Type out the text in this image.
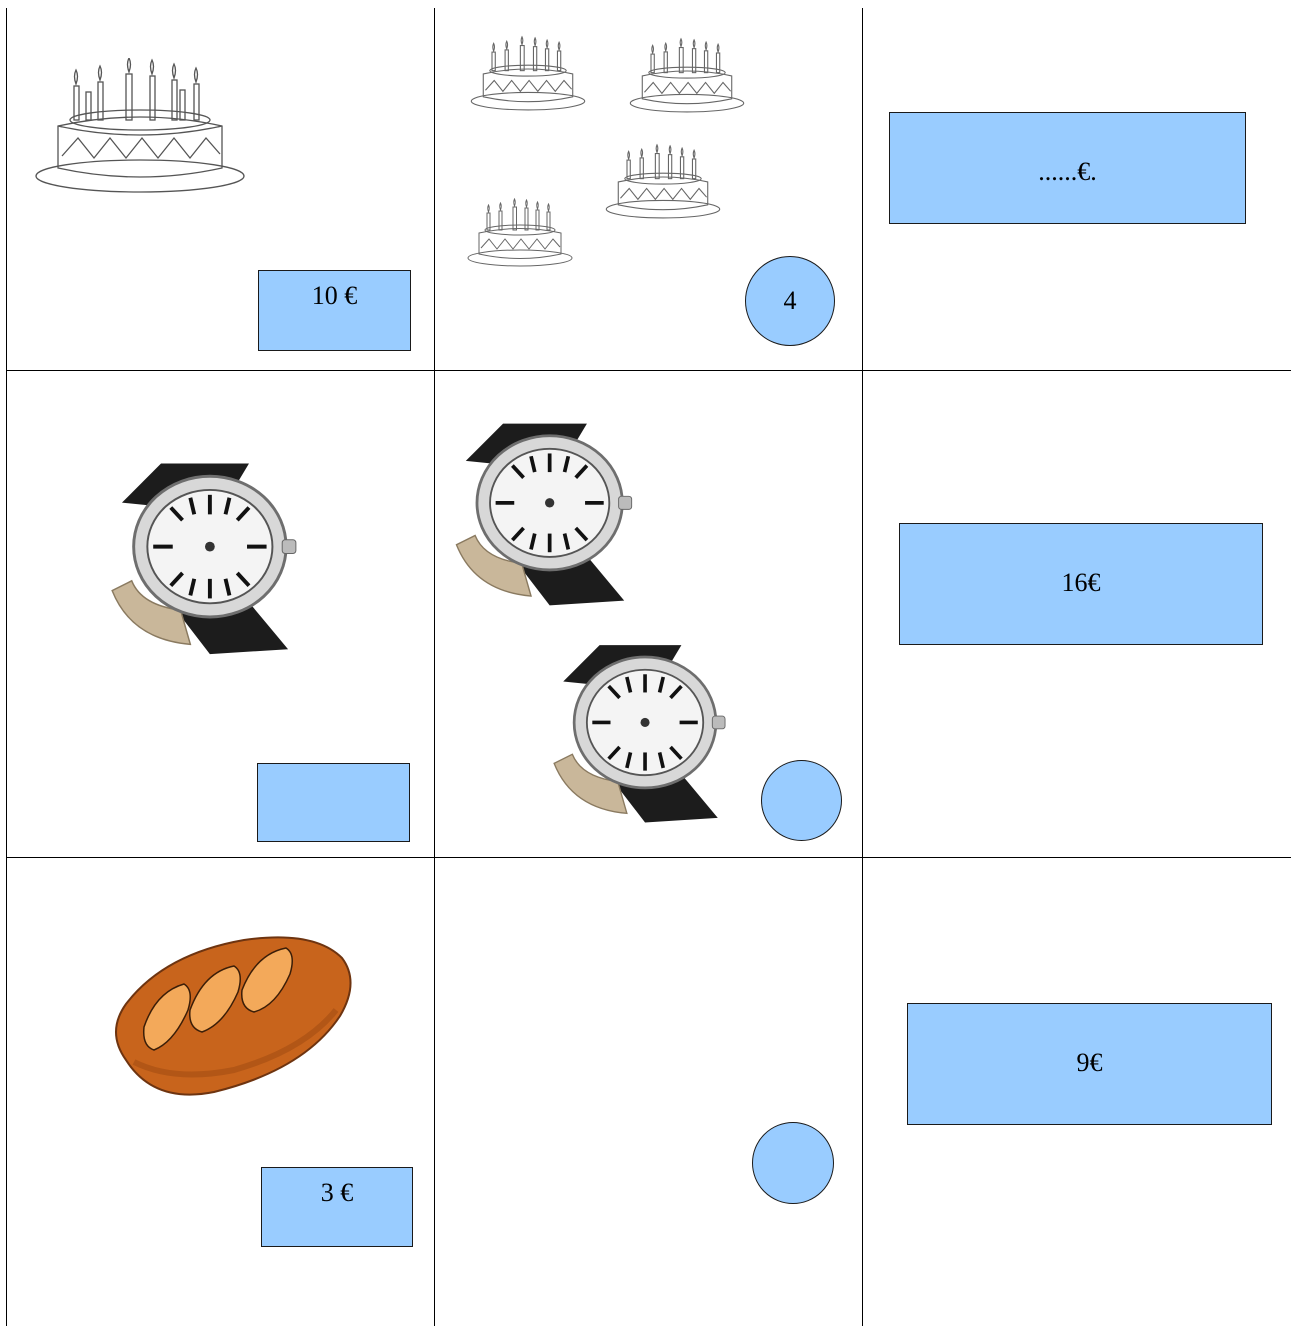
10 €	4
......€.
16€
3 €
9€
